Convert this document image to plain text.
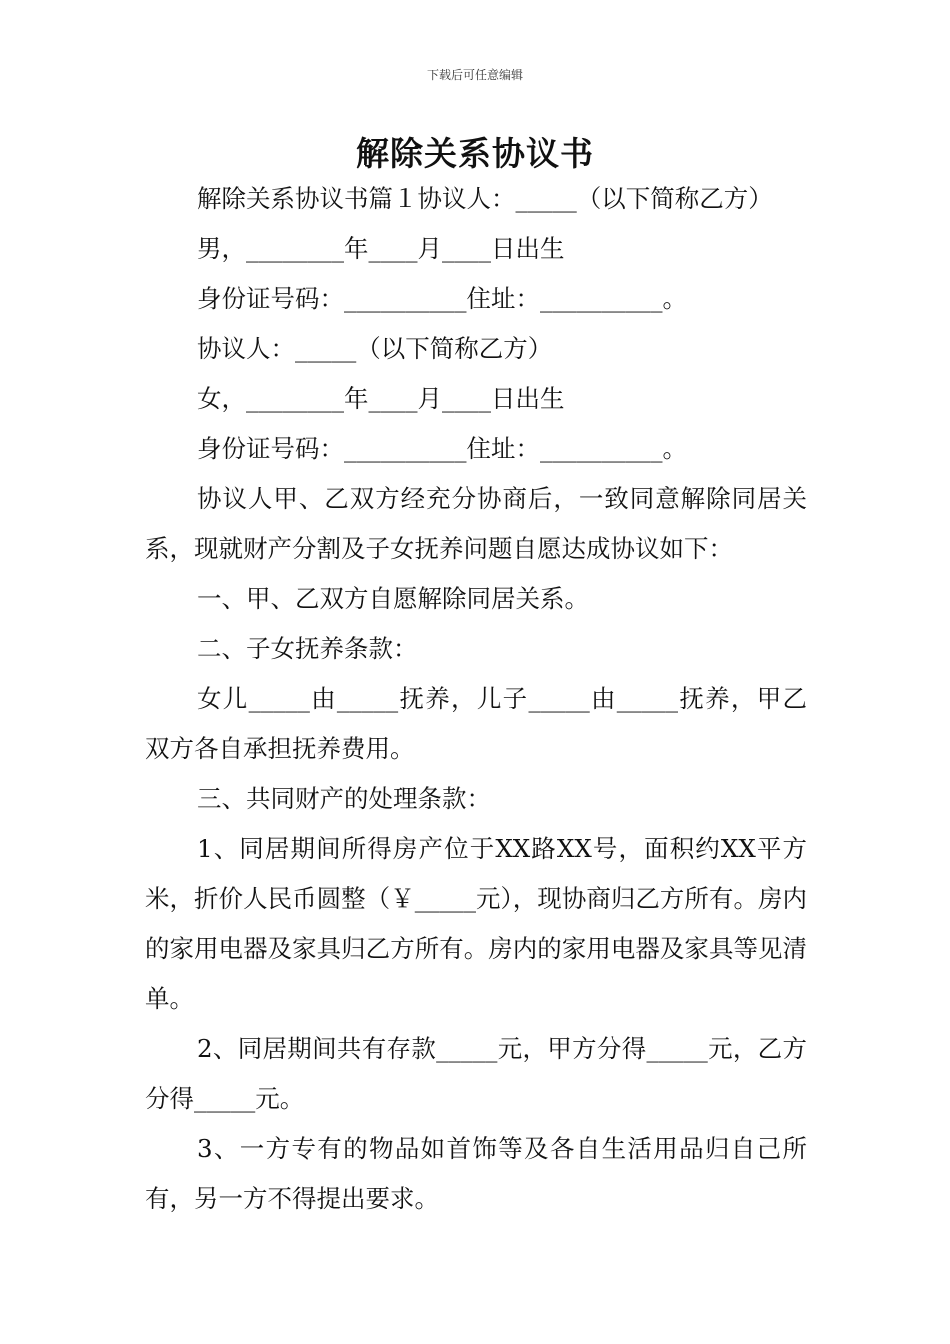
下载后可任意编辑
解除关系协议书

解除关系协议书篇１协议人：_____（以下简称乙方）

男，________年____月____日出生

身份证号码：__________住址：__________。

协议人：_____（以下简称乙方）

女，________年____月____日出生

身份证号码：__________住址：__________。

协议人甲、乙双方经充分协商后，一致同意解除同居关系，现就财产分割及子女抚养问题自愿达成协议如下：

一、甲、乙双方自愿解除同居关系。

二、子女抚养条款：

女儿_____由_____抚养，儿子_____由_____抚养，甲乙双方各自承担抚养费用。

三、共同财产的处理条款：

1、同居期间所得房产位于XX路XX号，面积约XX平方米，折价人民币圆整（￥_____元），现协商归乙方所有。房内的家用电器及家具归乙方所有。房内的家用电器及家具等见清单。

2、同居期间共有存款_____元，甲方分得_____元，乙方分得_____元。

3、一方专有的物品如首饰等及各自生活用品归自己所有，另一方不得提出要求。
